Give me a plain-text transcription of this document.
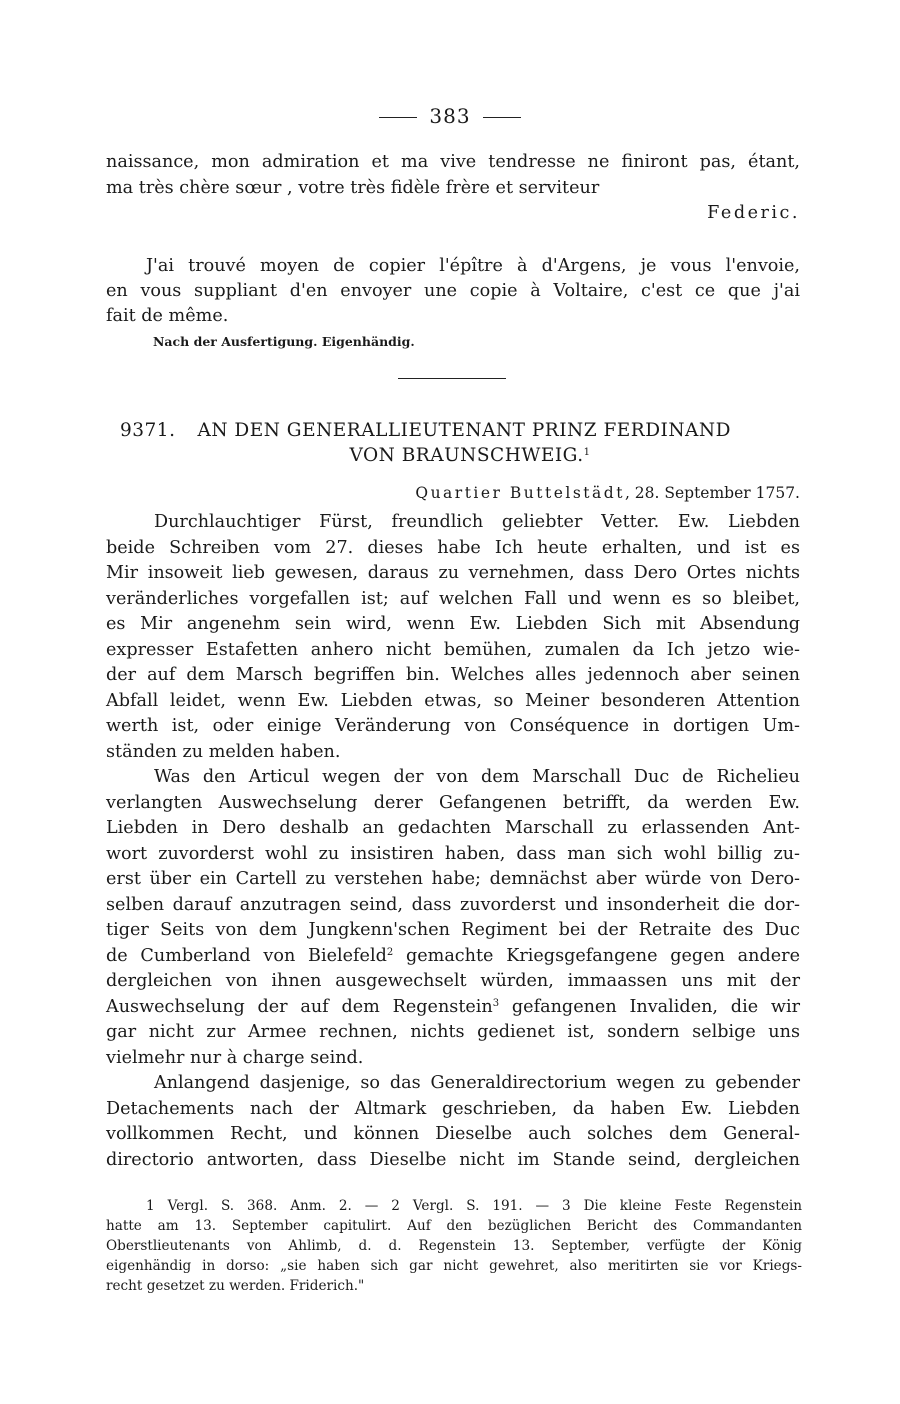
383
naissance, mon admiration et ma vive tendresse ne finiront pas, étant,
ma très chère sœur , votre très fidèle frère et serviteur
Federic.
J'ai trouvé moyen de copier l'épître à d'Argens, je vous l'envoie,
en vous suppliant d'en envoyer une copie à Voltaire, c'est ce que j'ai
fait de même.
Nach der Ausfertigung. Eigenhändig.
9371. AN DEN GENERALLIEUTENANT PRINZ FERDINAND
VON BRAUNSCHWEIG.$^1$
Quartier Buttelstädt, 28. September 1757.
Durchlauchtiger Fürst, freundlich geliebter Vetter. Ew. Liebden
beide Schreiben vom 27. dieses habe Ich heute erhalten, und ist es
Mir insoweit lieb gewesen, daraus zu vernehmen, dass Dero Ortes nichts
veränderliches vorgefallen ist; auf welchen Fall und wenn es so bleibet,
es Mir angenehm sein wird, wenn Ew. Liebden Sich mit Absendung
expresser Estafetten anhero nicht bemühen, zumalen da Ich jetzo wie-
der auf dem Marsch begriffen bin. Welches alles jedennoch aber seinen
Abfall leidet, wenn Ew. Liebden etwas, so Meiner besonderen Attention
werth ist, oder einige Veränderung von Conséquence in dortigen Um-
ständen zu melden haben.
Was den Articul wegen der von dem Marschall Duc de Richelieu
verlangten Auswechselung derer Gefangenen betrifft, da werden Ew.
Liebden in Dero deshalb an gedachten Marschall zu erlassenden Ant-
wort zuvorderst wohl zu insistiren haben, dass man sich wohl billig zu-
erst über ein Cartell zu verstehen habe; demnächst aber würde von Dero-
selben darauf anzutragen seind, dass zuvorderst und insonderheit die dor-
tiger Seits von dem Jungkenn'schen Regiment bei der Retraite des Duc
de Cumberland von Bielefeld$^2$ gemachte Kriegsgefangene gegen andere
dergleichen von ihnen ausgewechselt würden, immaassen uns mit der
Auswechselung der auf dem Regenstein$^3$ gefangenen Invaliden, die wir
gar nicht zur Armee rechnen, nichts gedienet ist, sondern selbige uns
vielmehr nur à charge seind.
Anlangend dasjenige, so das Generaldirectorium wegen zu gebender
Detachements nach der Altmark geschrieben, da haben Ew. Liebden
vollkommen Recht, und können Dieselbe auch solches dem General-
directorio antworten, dass Dieselbe nicht im Stande seind, dergleichen
1 Vergl. S. 368. Anm. 2. — 2 Vergl. S. 191. — 3 Die kleine Feste Regenstein
hatte am 13. September capitulirt. Auf den bezüglichen Bericht des Commandanten
Oberstlieutenants von Ahlimb, d. d. Regenstein 13. September, verfügte der König
eigenhändig in dorso: „sie haben sich gar nicht gewehret, also meritirten sie vor Kriegs-
recht gesetzet zu werden. Friderich."
